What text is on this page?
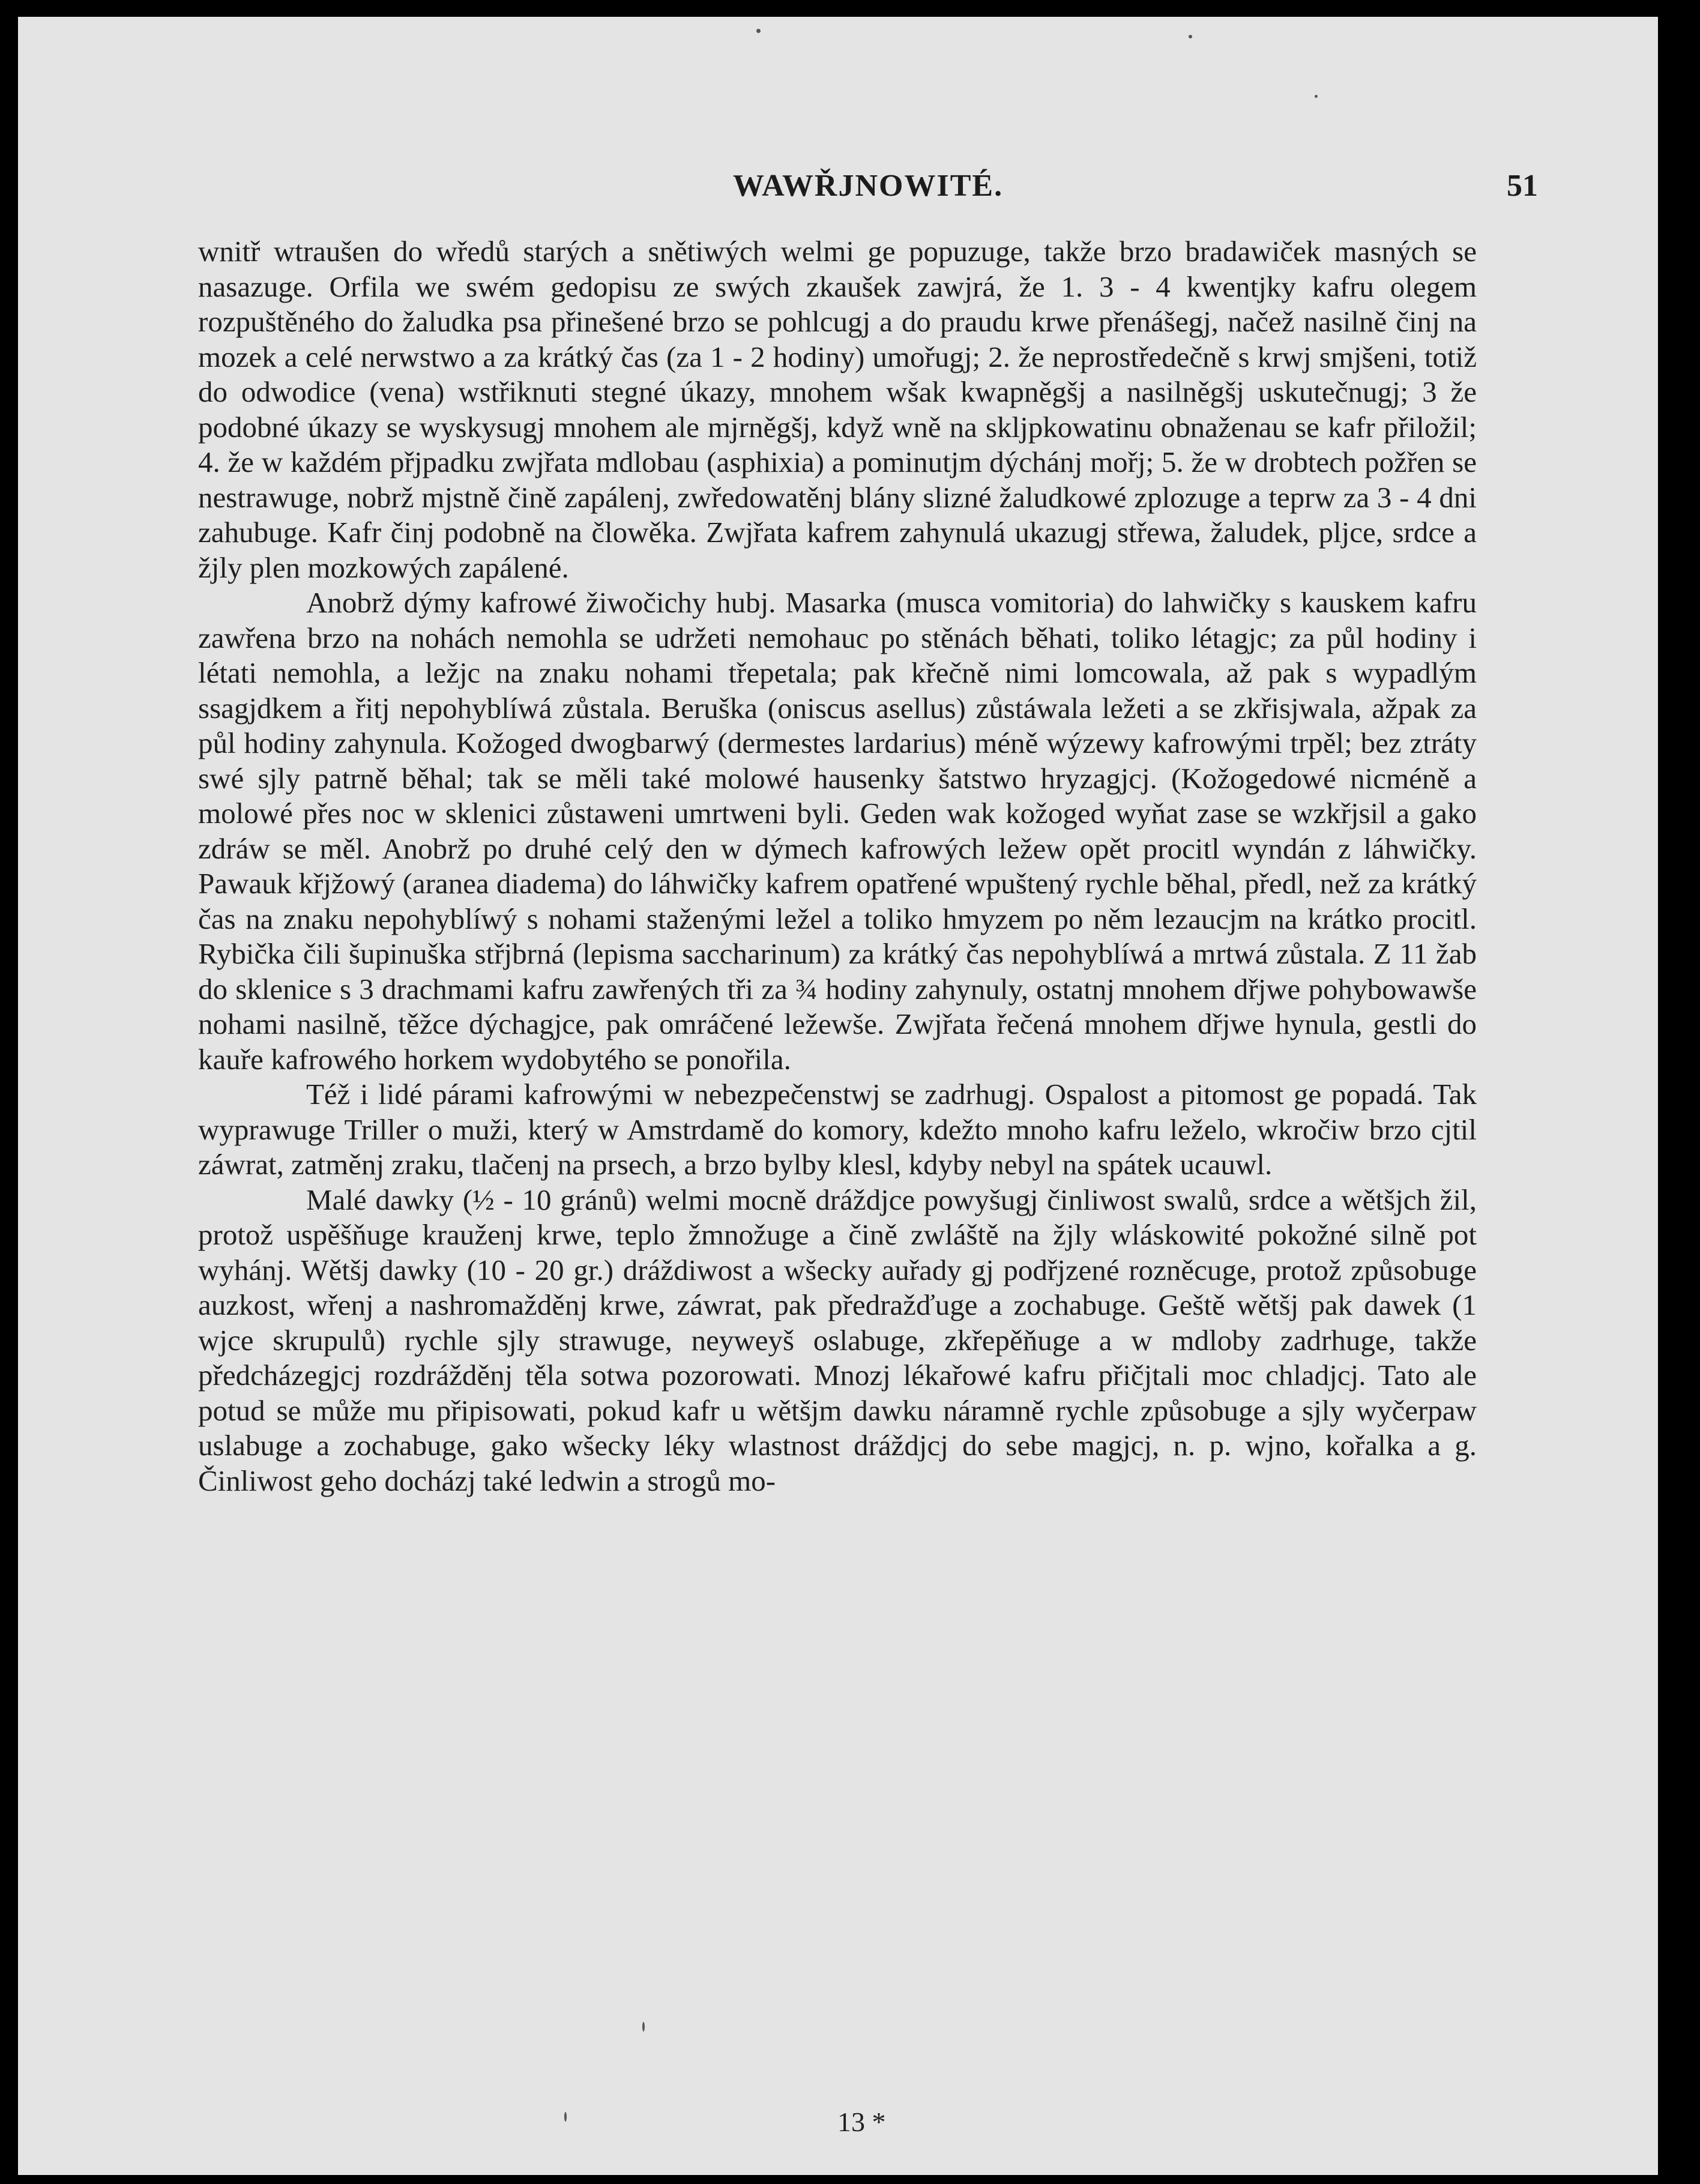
WAWŘJNOWITÉ.	51

wnitř wtraušen do wředů starých a snětiwých welmi ge popuzuge, takže brzo bradawiček masných se nasazuge. Orfila we swém gedopisu ze swých zkaušek zawjrá, že 1. 3 - 4 kwentjky kafru olegem rozpuštěného do žaludka psa přinešené brzo se pohlcugj a do praudu krwe přenášegj, načež nasilně činj na mozek a celé nerwstwo a za krátký čas (za 1 - 2 hodiny) umořugj; 2. že neprostředečně s krwj smjšeni, totiž do odwodice (vena) wstřiknuti stegné úkazy, mnohem wšak kwapněgšj a nasilněgšj uskutečnugj; 3 že podobné úkazy se wyskysugj mnohem ale mjrněgšj, když wně na skljpkowatinu obnaženau se kafr přiložil; 4. že w každém přjpadku zwjřata mdlobau (asphixia) a pominutjm dýchánj mořj; 5. že w drobtech požřen se nestrawuge, nobrž mjstně čině zapálenj, zwředowatěnj blány slizné žaludkowé zplozuge a teprw za 3 - 4 dni zahubuge. Kafr činj podobně na člowěka. Zwjřata kafrem zahynulá ukazugj střewa, žaludek, pljce, srdce a žjly plen mozkowých zapálené.

Anobrž dýmy kafrowé žiwočichy hubj. Masarka (musca vomitoria) do lahwičky s kauskem kafru zawřena brzo na nohách nemohla se udržeti nemohauc po stěnách běhati, toliko létagjc; za půl hodiny i létati nemohla, a ležjc na znaku nohami třepetala; pak křečně nimi lomcowala, až pak s wypadlým ssagjdkem a řitj nepohyblíwá zůstala. Beruška (oniscus asellus) zůstáwala ležeti a se zkřisjwala, ažpak za půl hodiny zahynula. Kožoged dwogbarwý (dermestes lardarius) méně wýzewy kafrowými trpěl; bez ztráty swé sjly patrně běhal; tak se měli také molowé hausenky šatstwo hryzagjcj. (Kožogedowé nicméně a molowé přes noc w sklenici zůstaweni umrtweni byli. Geden wak kožoged wyňat zase se wzkřjsil a gako zdráw se měl. Anobrž po druhé celý den w dýmech kafrowých ležew opět procitl wyndán z láhwičky. Pawauk křjžowý (aranea diadema) do láhwičky kafrem opatřené wpuštený rychle běhal, předl, než za krátký čas na znaku nepohyblíwý s nohami staženými ležel a toliko hmyzem po něm lezaucjm na krátko procitl. Rybička čili šupinuška střjbrná (lepisma saccharinum) za krátký čas nepohyblíwá a mrtwá zůstala. Z 11 žab do sklenice s 3 drachmami kafru zawřených tři za ¾ hodiny zahynuly, ostatnj mnohem dřjwe pohybowawše nohami nasilně, těžce dýchagjce, pak omráčené ležewše. Zwjřata řečená mnohem dřjwe hynula, gestli do kauře kafrowého horkem wydobytého se ponořila.

Též i lidé párami kafrowými w nebezpečenstwj se zadrhugj. Ospalost a pitomost ge popadá. Tak wyprawuge Triller o muži, který w Amstrdamě do komory, kdežto mnoho kafru leželo, wkročiw brzo cjtil záwrat, zatměnj zraku, tlačenj na prsech, a brzo bylby klesl, kdyby nebyl na spátek ucauwl.

Malé dawky (½ - 10 gránů) welmi mocně dráždjce powyšugj činliwost swalů, srdce a wětšjch žil, protož uspěšňuge krauženj krwe, teplo žmnožuge a čině zwláště na žjly wláskowité pokožné silně pot wyhánj. Wětšj dawky (10 - 20 gr.) dráždiwost a wšecky auřady gj podřjzené rozněcuge, protož způsobuge auzkost, wřenj a nashromažděnj krwe, záwrat, pak předražďuge a zochabuge. Geště wětšj pak dawek (1 wjce skrupulů) rychle sjly strawuge, neyweyš oslabuge, zkřepěňuge a w mdloby zadrhuge, takže předcházegjcj rozdrážděnj těla sotwa pozorowati. Mnozj lékařowé kafru přičjtali moc chladjcj. Tato ale potud se může mu připisowati, pokud kafr u wětšjm dawku náramně rychle způsobuge a sjly wyčerpaw uslabuge a zochabuge, gako wšecky léky wlastnost dráždjcj do sebe magjcj, n. p. wjno, kořalka a g. Činliwost geho docházj také ledwin a strogů mo-

13 *
